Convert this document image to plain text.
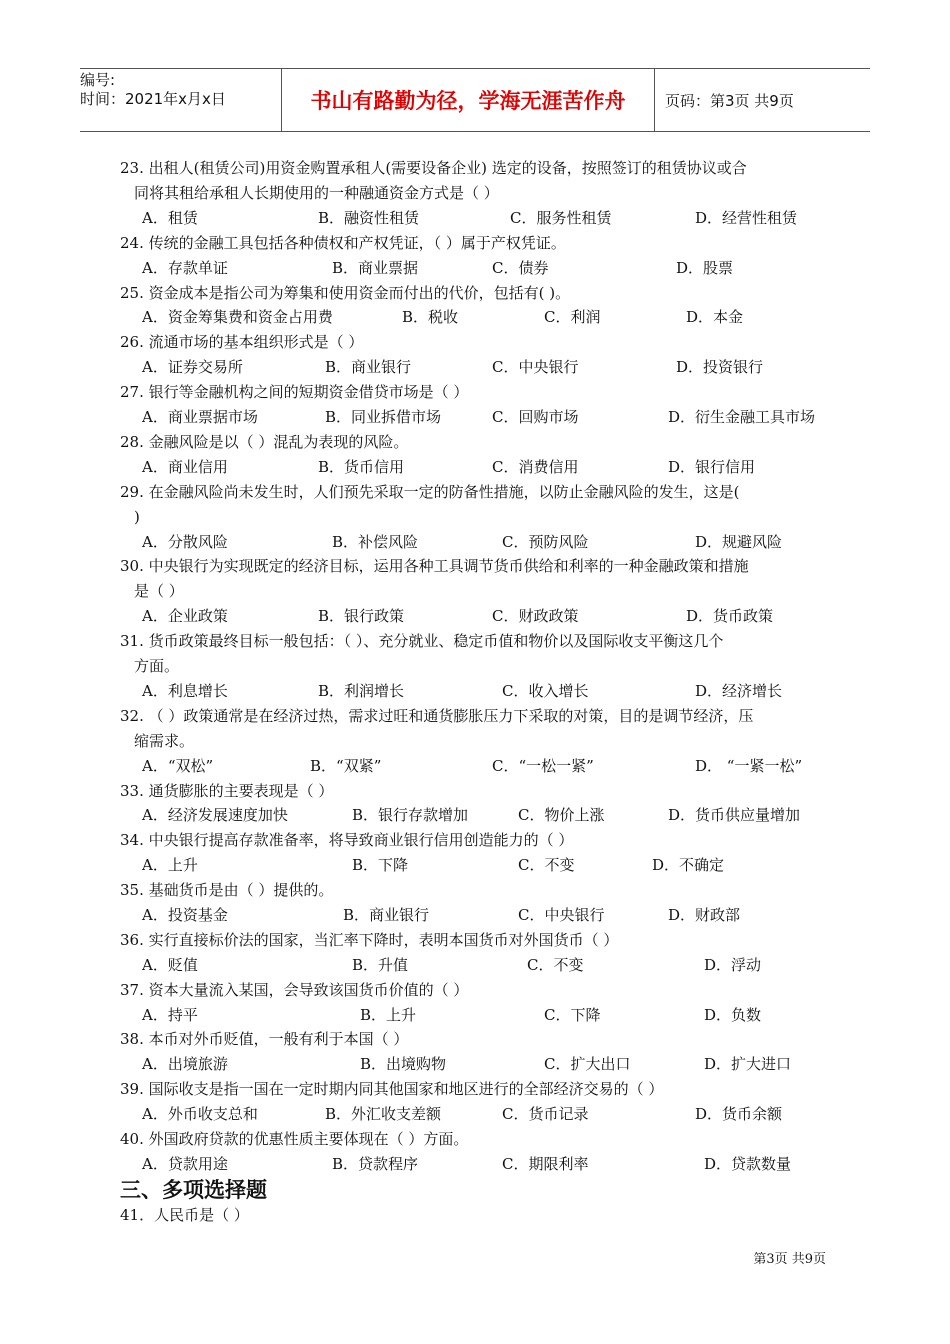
编号:
时间：2021年x月x日	书山有路勤为径，学海无涯苦作舟	页码：第3页 共9页
23. 出租人(租赁公司)用资金购置承租人(需要设备企业) 选定的设备，按照签订的租赁协议或合
同将其租给承租人长期使用的一种融通资金方式是（ ）
A．租赁	B．融资性租赁	C．服务性租赁	D．经营性租赁
24. 传统的金融工具包括各种债权和产权凭证，（ ）属于产权凭证。
A．存款单证	B．商业票据	C．债券	D．股票
25. 资金成本是指公司为筹集和使用资金而付出的代价，包括有( )。
A．资金筹集费和资金占用费	B．税收	C．利润	D．本金
26. 流通市场的基本组织形式是（ ）
A．证券交易所	B．商业银行	C．中央银行	D．投资银行
27. 银行等金融机构之间的短期资金借贷市场是（ ）
A．商业票据市场	B．同业拆借市场	C．回购市场	D．衍生金融工具市场
28. 金融风险是以（ ）混乱为表现的风险。
A．商业信用	B．货币信用	C．消费信用	D．银行信用
29. 在金融风险尚未发生时，人们预先采取一定的防备性措施，以防止金融风险的发生，这是(
)
A．分散风险	B．补偿风险	C．预防风险	D．规避风险
30. 中央银行为实现既定的经济目标，运用各种工具调节货币供给和利率的一种金融政策和措施
是（ ）
A．企业政策	B．银行政策	C．财政政策	D．货币政策
31. 货币政策最终目标一般包括：（ ）、充分就业、稳定币值和物价以及国际收支平衡这几个
方面。
A．利息增长	B．利润增长	C．收入增长	D．经济增长
32. （ ）政策通常是在经济过热，需求过旺和通货膨胀压力下采取的对策，目的是调节经济，压
缩需求。
A．“双松”	B．“双紧”	C．“一松一紧”	D． “一紧一松”
33. 通货膨胀的主要表现是（ ）
A．经济发展速度加快	B．银行存款增加	C．物价上涨	D．货币供应量增加
34. 中央银行提高存款准备率，将导致商业银行信用创造能力的（ ）
A．上升	B．下降	C．不变	D．不确定
35. 基础货币是由（ ）提供的。
A．投资基金	B．商业银行	C．中央银行	D．财政部
36. 实行直接标价法的国家，当汇率下降时，表明本国货币对外国货币（ ）
A．贬值	B．升值	C．不变	D．浮动
37. 资本大量流入某国，会导致该国货币价值的（ ）
A．持平	B．上升	C．下降	D．负数
38. 本币对外币贬值，一般有利于本国（ ）
A．出境旅游	B．出境购物	C．扩大出口	D．扩大进口
39. 国际收支是指一国在一定时期内同其他国家和地区进行的全部经济交易的（ ）
A．外币收支总和	B．外汇收支差额	C．货币记录	D．货币余额
40. 外国政府贷款的优惠性质主要体现在（ ）方面。
A．贷款用途	B．贷款程序	C．期限利率	D．贷款数量
三、多项选择题
41．人民币是（ ）
第3页 共9页
